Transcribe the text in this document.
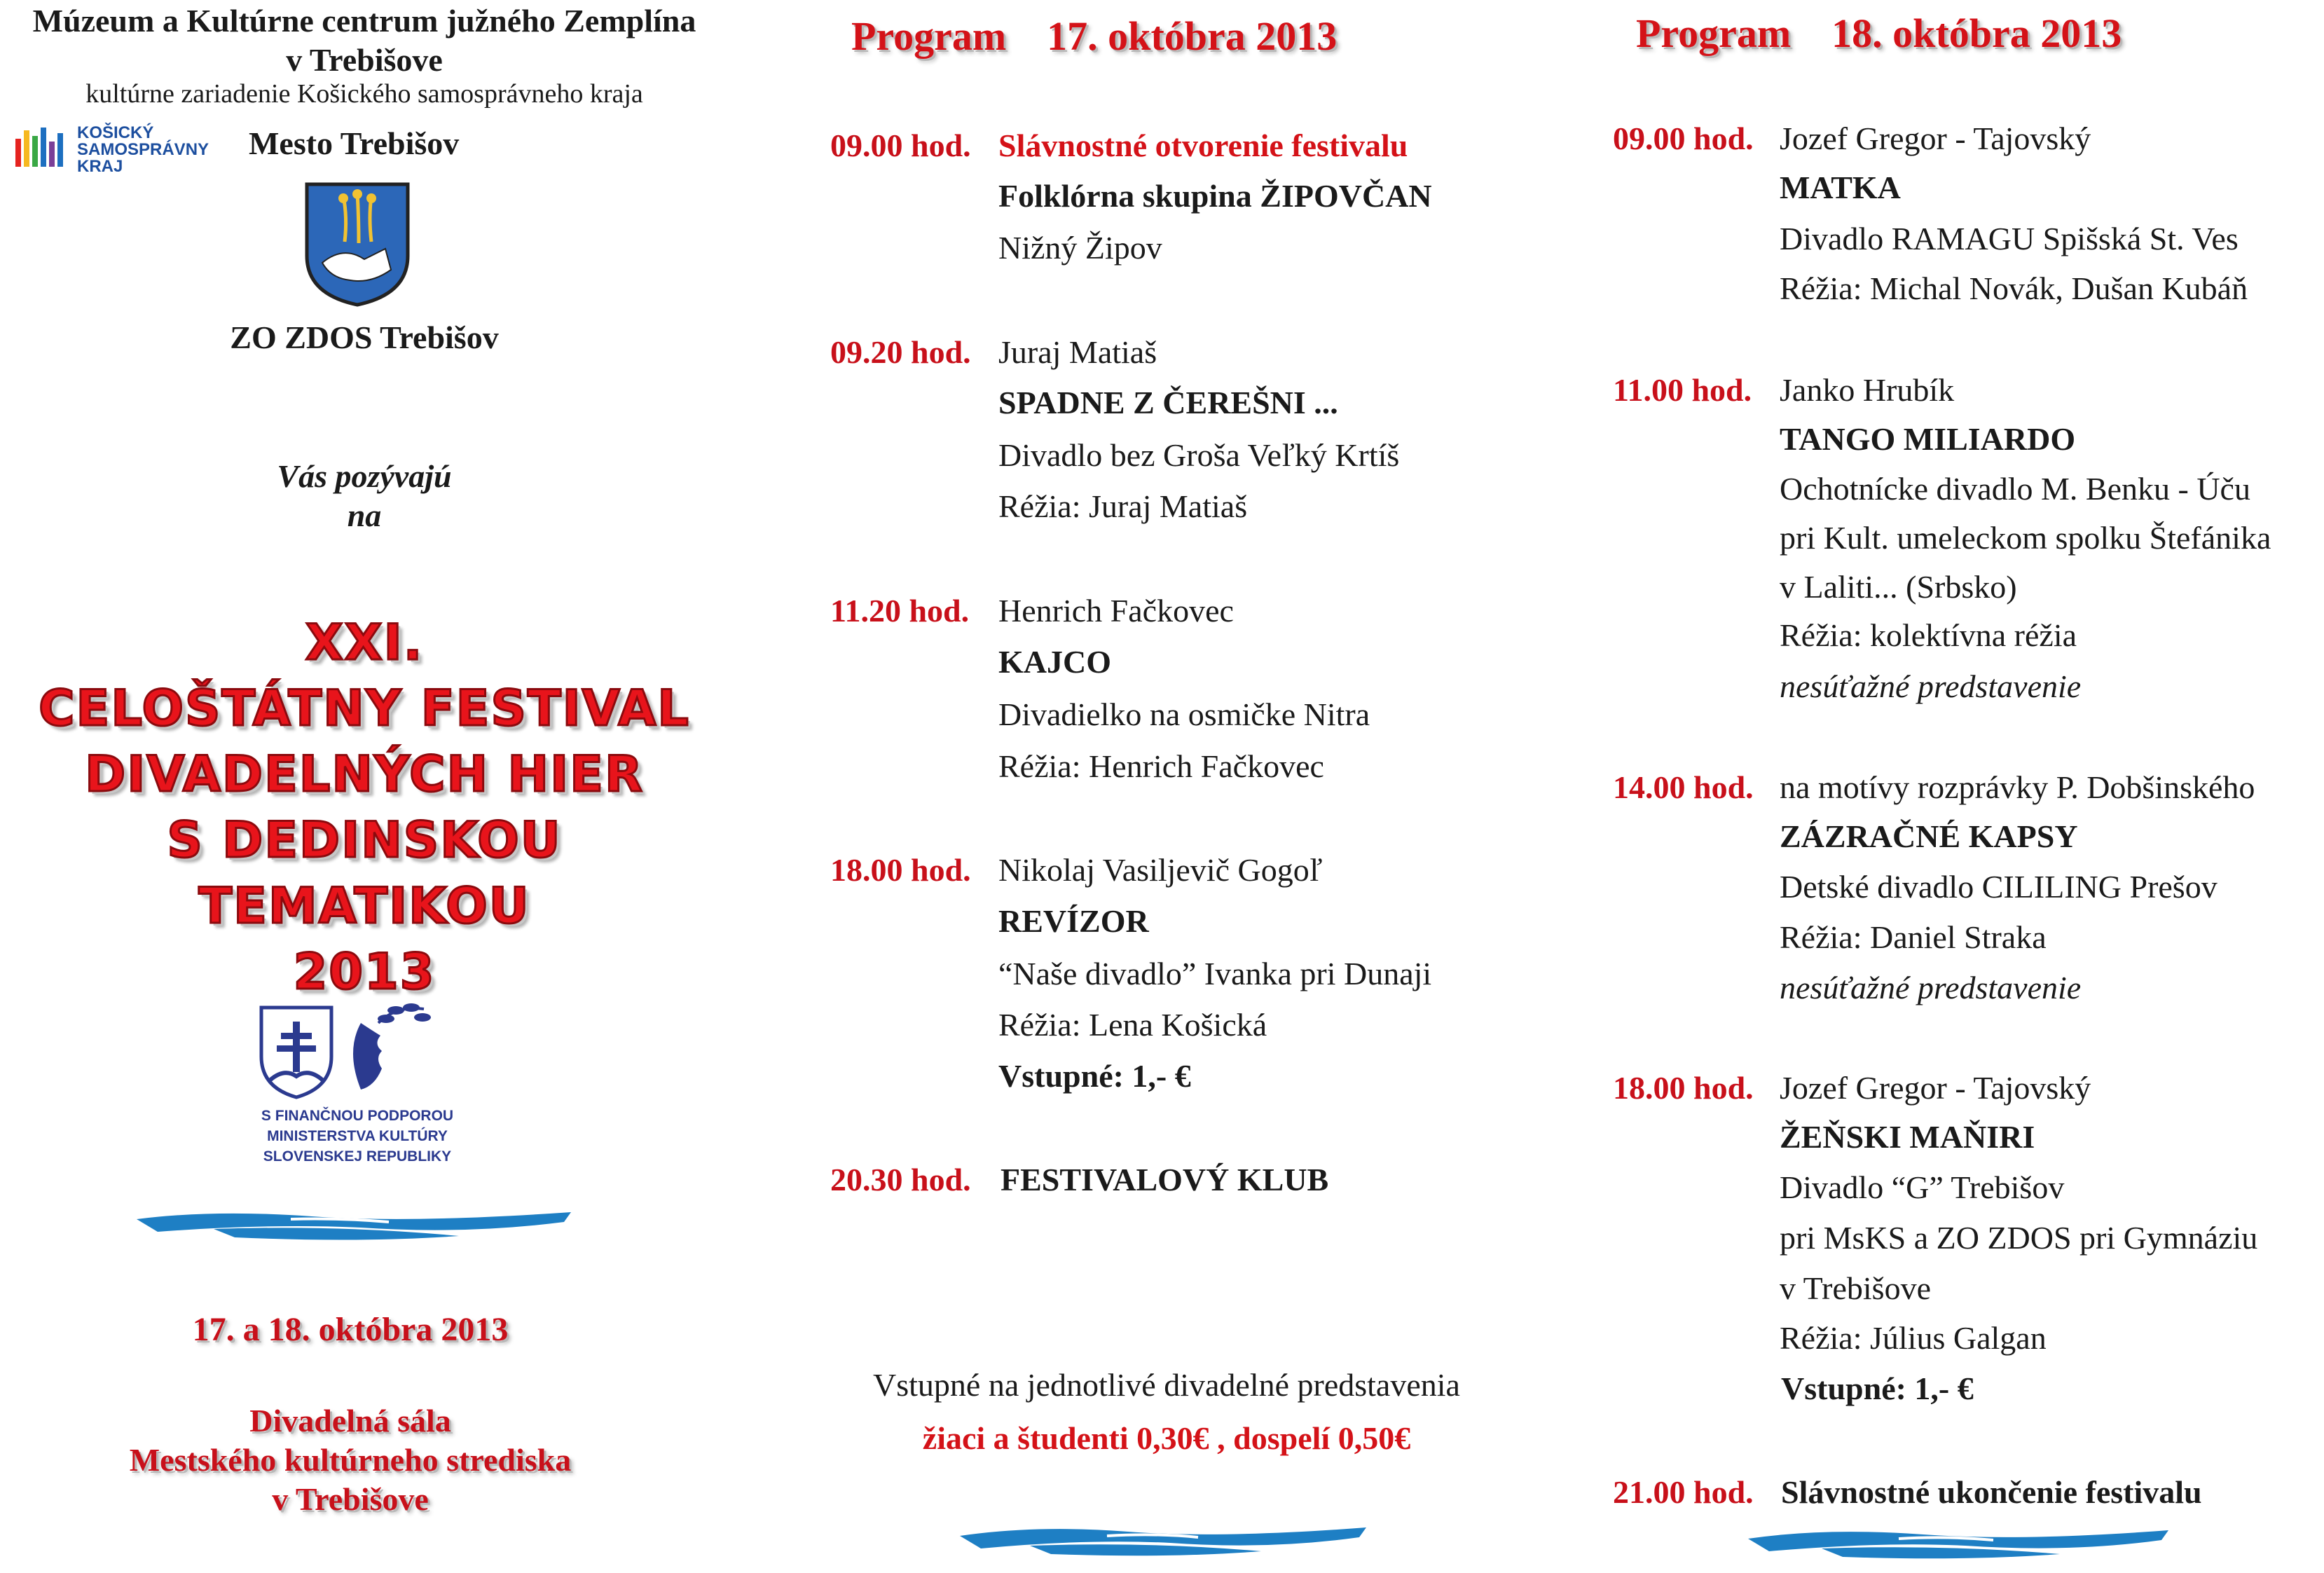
Múzeum a Kultúrne centrum južného Zemplína
v Trebišove
kultúrne zariadenie Košického samosprávneho kraja
KOŠICKÝ SAMOSPRÁVNY KRAJ
Mesto Trebišov
ZO ZDOS Trebišov
Vás pozývajú
na
XXI.
CELOŠTÁTNY FESTIVAL
DIVADELNÝCH HIER
S DEDINSKOU TEMATIKOU
2013
S FINANČNOU PODPOROU
MINISTERSTVA KULTÚRY
SLOVENSKEJ REPUBLIKY
17. a 18. októbra 2013
Divadelná sála
Mestského kultúrneho strediska
v Trebišove
Program    17. októbra 2013
09.00 hod. Slávnostné otvorenie festivalu
Folklórna skupina ŽIPOVČAN
Nižný Žipov
09.20 hod. Juraj Matiaš
SPADNE Z ČEREŠNI ...
Divadlo bez Groša Veľký Krtíš
Réžia: Juraj Matiaš
11.20 hod. Henrich Fačkovec
KAJCO
Divadielko na osmičke Nitra
Réžia: Henrich Fačkovec
18.00 hod. Nikolaj Vasiljevič Gogoľ
REVÍZOR
“Naše divadlo” Ivanka pri Dunaji
Réžia: Lena Košická
Vstupné: 1,- €
20.30 hod. FESTIVALOVÝ KLUB
Vstupné na jednotlivé divadelné predstavenia
žiaci a študenti 0,30€ , dospelí 0,50€
Program    18. októbra 2013
09.00 hod. Jozef Gregor - Tajovský
MATKA
Divadlo RAMAGU Spišská St. Ves
Réžia: Michal Novák, Dušan Kubáň
11.00 hod. Janko Hrubík
TANGO MILIARDO
Ochotnícke divadlo M. Benku - Úču
pri Kult. umeleckom spolku Štefánika
v Laliti... (Srbsko)
Réžia: kolektívna réžia
nesúťažné predstavenie
14.00 hod. na motívy rozprávky P. Dobšinského
ZÁZRAČNÉ KAPSY
Detské divadlo CILILING Prešov
Réžia: Daniel Straka
nesúťažné predstavenie
18.00 hod. Jozef Gregor - Tajovský
ŽEŇSKI MAŇIRI
Divadlo “G” Trebišov
pri MsKS a ZO ZDOS pri Gymnáziu
v Trebišove
Réžia: Július Galgan
Vstupné: 1,- €
21.00 hod. Slávnostné ukončenie festivalu
